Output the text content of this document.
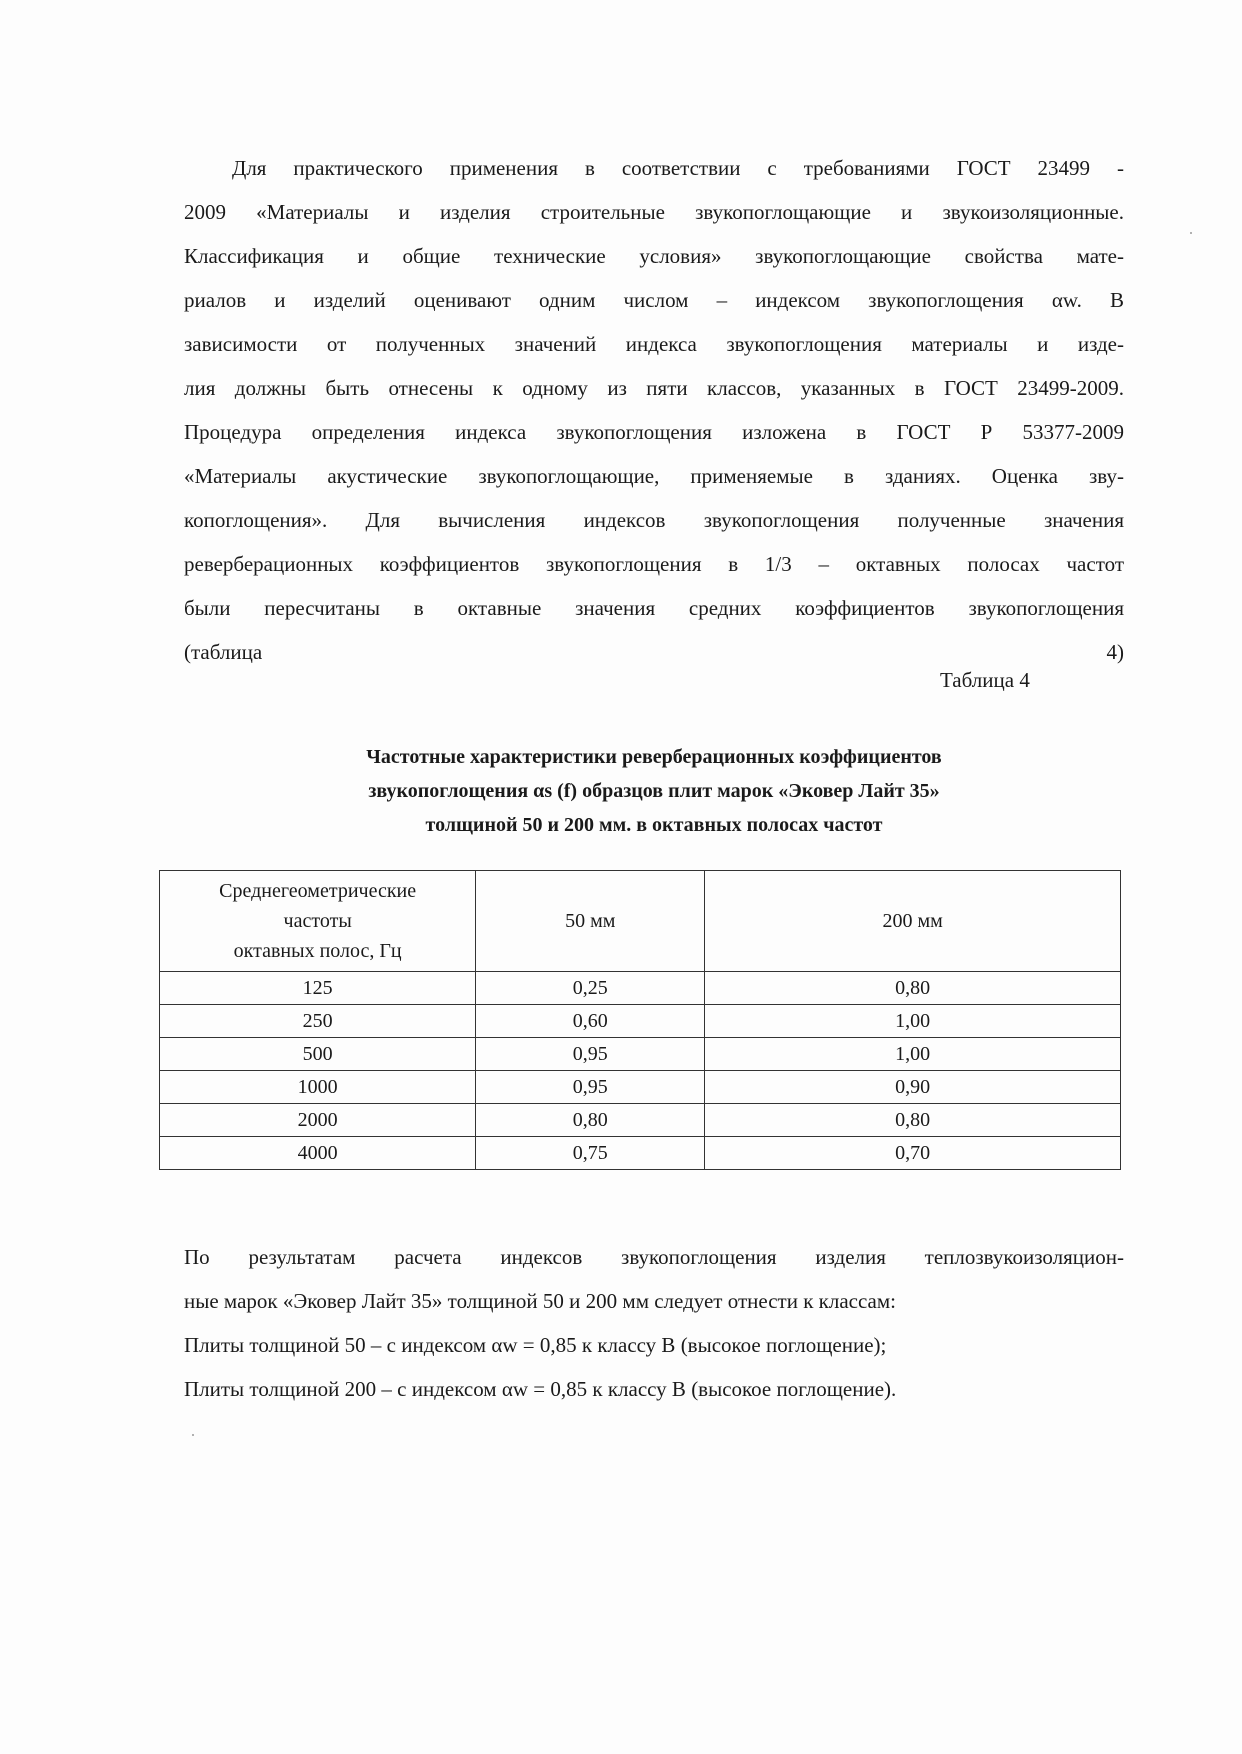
Для практического применения в соответствии с требованиями ГОСТ 23499 -
2009 «Материалы и изделия строительные звукопоглощающие и звукоизоляционные.
Классификация и общие технические условия» звукопоглощающие свойства мате-
риалов и изделий оценивают одним числом – индексом звукопоглощения αw. В
зависимости от полученных значений индекса звукопоглощения материалы и изде-
лия должны быть отнесены к одному из пяти классов, указанных в ГОСТ 23499-2009.
Процедура определения индекса звукопоглощения изложена в ГОСТ Р 53377-2009
«Материалы акустические звукопоглощающие, применяемые в зданиях. Оценка зву-
копоглощения». Для вычисления индексов звукопоглощения полученные значения
реверберационных коэффициентов звукопоглощения в 1/3 – октавных полосах частот
были пересчитаны в октавные значения средних коэффициентов звукопоглощения
(таблица 4)

Таблица 4

Частотные характеристики реверберационных коэффициентов
звукопоглощения αs (f) образцов плит марок «Эковер Лайт 35»
толщиной 50 и 200 мм. в октавных полосах частот
Среднегеометрические
частоты
октавных полос, Гц	50 мм	200 мм
125	0,25	0,80
250	0,60	1,00
500	0,95	1,00
1000	0,95	0,90
2000	0,80	0,80
4000	0,75	0,70
По результатам расчета индексов звукопоглощения изделия теплозвукоизоляцион-
ные марок «Эковер Лайт 35» толщиной 50 и 200 мм следует отнести к классам:
Плиты толщиной 50 – с индексом αw = 0,85 к классу В (высокое поглощение);
Плиты толщиной 200 – с индексом αw = 0,85 к классу В (высокое поглощение).
